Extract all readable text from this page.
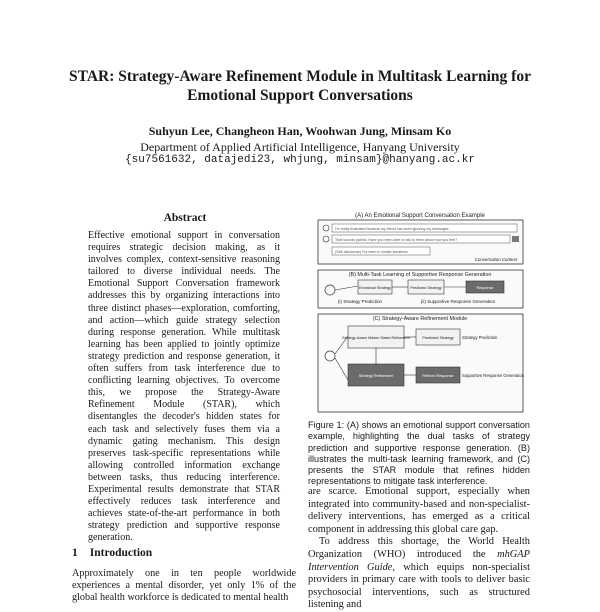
STAR: Strategy-Aware Refinement Module in Multitask Learning for
Emotional Support Conversations
Suhyun Lee, Changheon Han, Woohwan Jung, Minsam Ko
Department of Applied Artificial Intelligence, Hanyang University
{su7561632, datajedi23, whjung, minsam}@hanyang.ac.kr
Abstract

Effective emotional support in conversation requires strategic decision making, as it involves complex, context-sensitive reasoning tailored to diverse individual needs. The Emotional Support Conversation framework addresses this by organizing interactions into three distinct phases—exploration, comforting, and action—which guide strategy selection during response generation. While multitask learning has been applied to jointly optimize strategy prediction and response generation, it often suffers from task interference due to conflicting learning objectives. To overcome this, we propose the Strategy-Aware Refinement Module (STAR), which disentangles the decoder's hidden states for each task and selectively fuses them via a dynamic gating mechanism. This design preserves task-specific representations while allowing controlled information exchange between tasks, thus reducing interference. Experimental results demonstrate that STAR effectively reduces task interference and achieves state-of-the-art performance in both strategy prediction and supportive response generation.

1 Introduction
Approximately one in ten people worldwide experiences a mental disorder, yet only 1% of the global health workforce is dedicated to mental health
(A) An Emotional Support Conversation Example
I'm really frustrated because my friend has been ignoring my messages
That sounds painful. Have you been able to talk to them about how you feel?
(Self-disclosure) I've been in similar situations
Conversation Context
(B) Multi-Task Learning of Supportive Response Generation
Emotional Strategy	Predicted Strategy	Response
(i) Strategy Prediction	(ii) Supportive Response Generation
(C) Strategy-Aware Refinement Module
Strategy-Aware Hidden States Refinement	Predicted Strategy Strategy Prediction
Strategy Refinement	Refined Response Supportive Response Generation
Figure 1: (A) shows an emotional support conversation example, highlighting the dual tasks of strategy prediction and supportive response generation. (B) illustrates the multi-task learning framework, and (C) presents the STAR module that refines hidden representations to mitigate task interference.

are scarce. Emotional support, especially when integrated into community-based and non-specialist-delivery interventions, has emerged as a critical component in addressing this global care gap.

To address this shortage, the World Health Organization (WHO) introduced the mhGAP Intervention Guide, which equips non-specialist providers in primary care with tools to deliver basic psychosocial interventions, such as structured listening and
